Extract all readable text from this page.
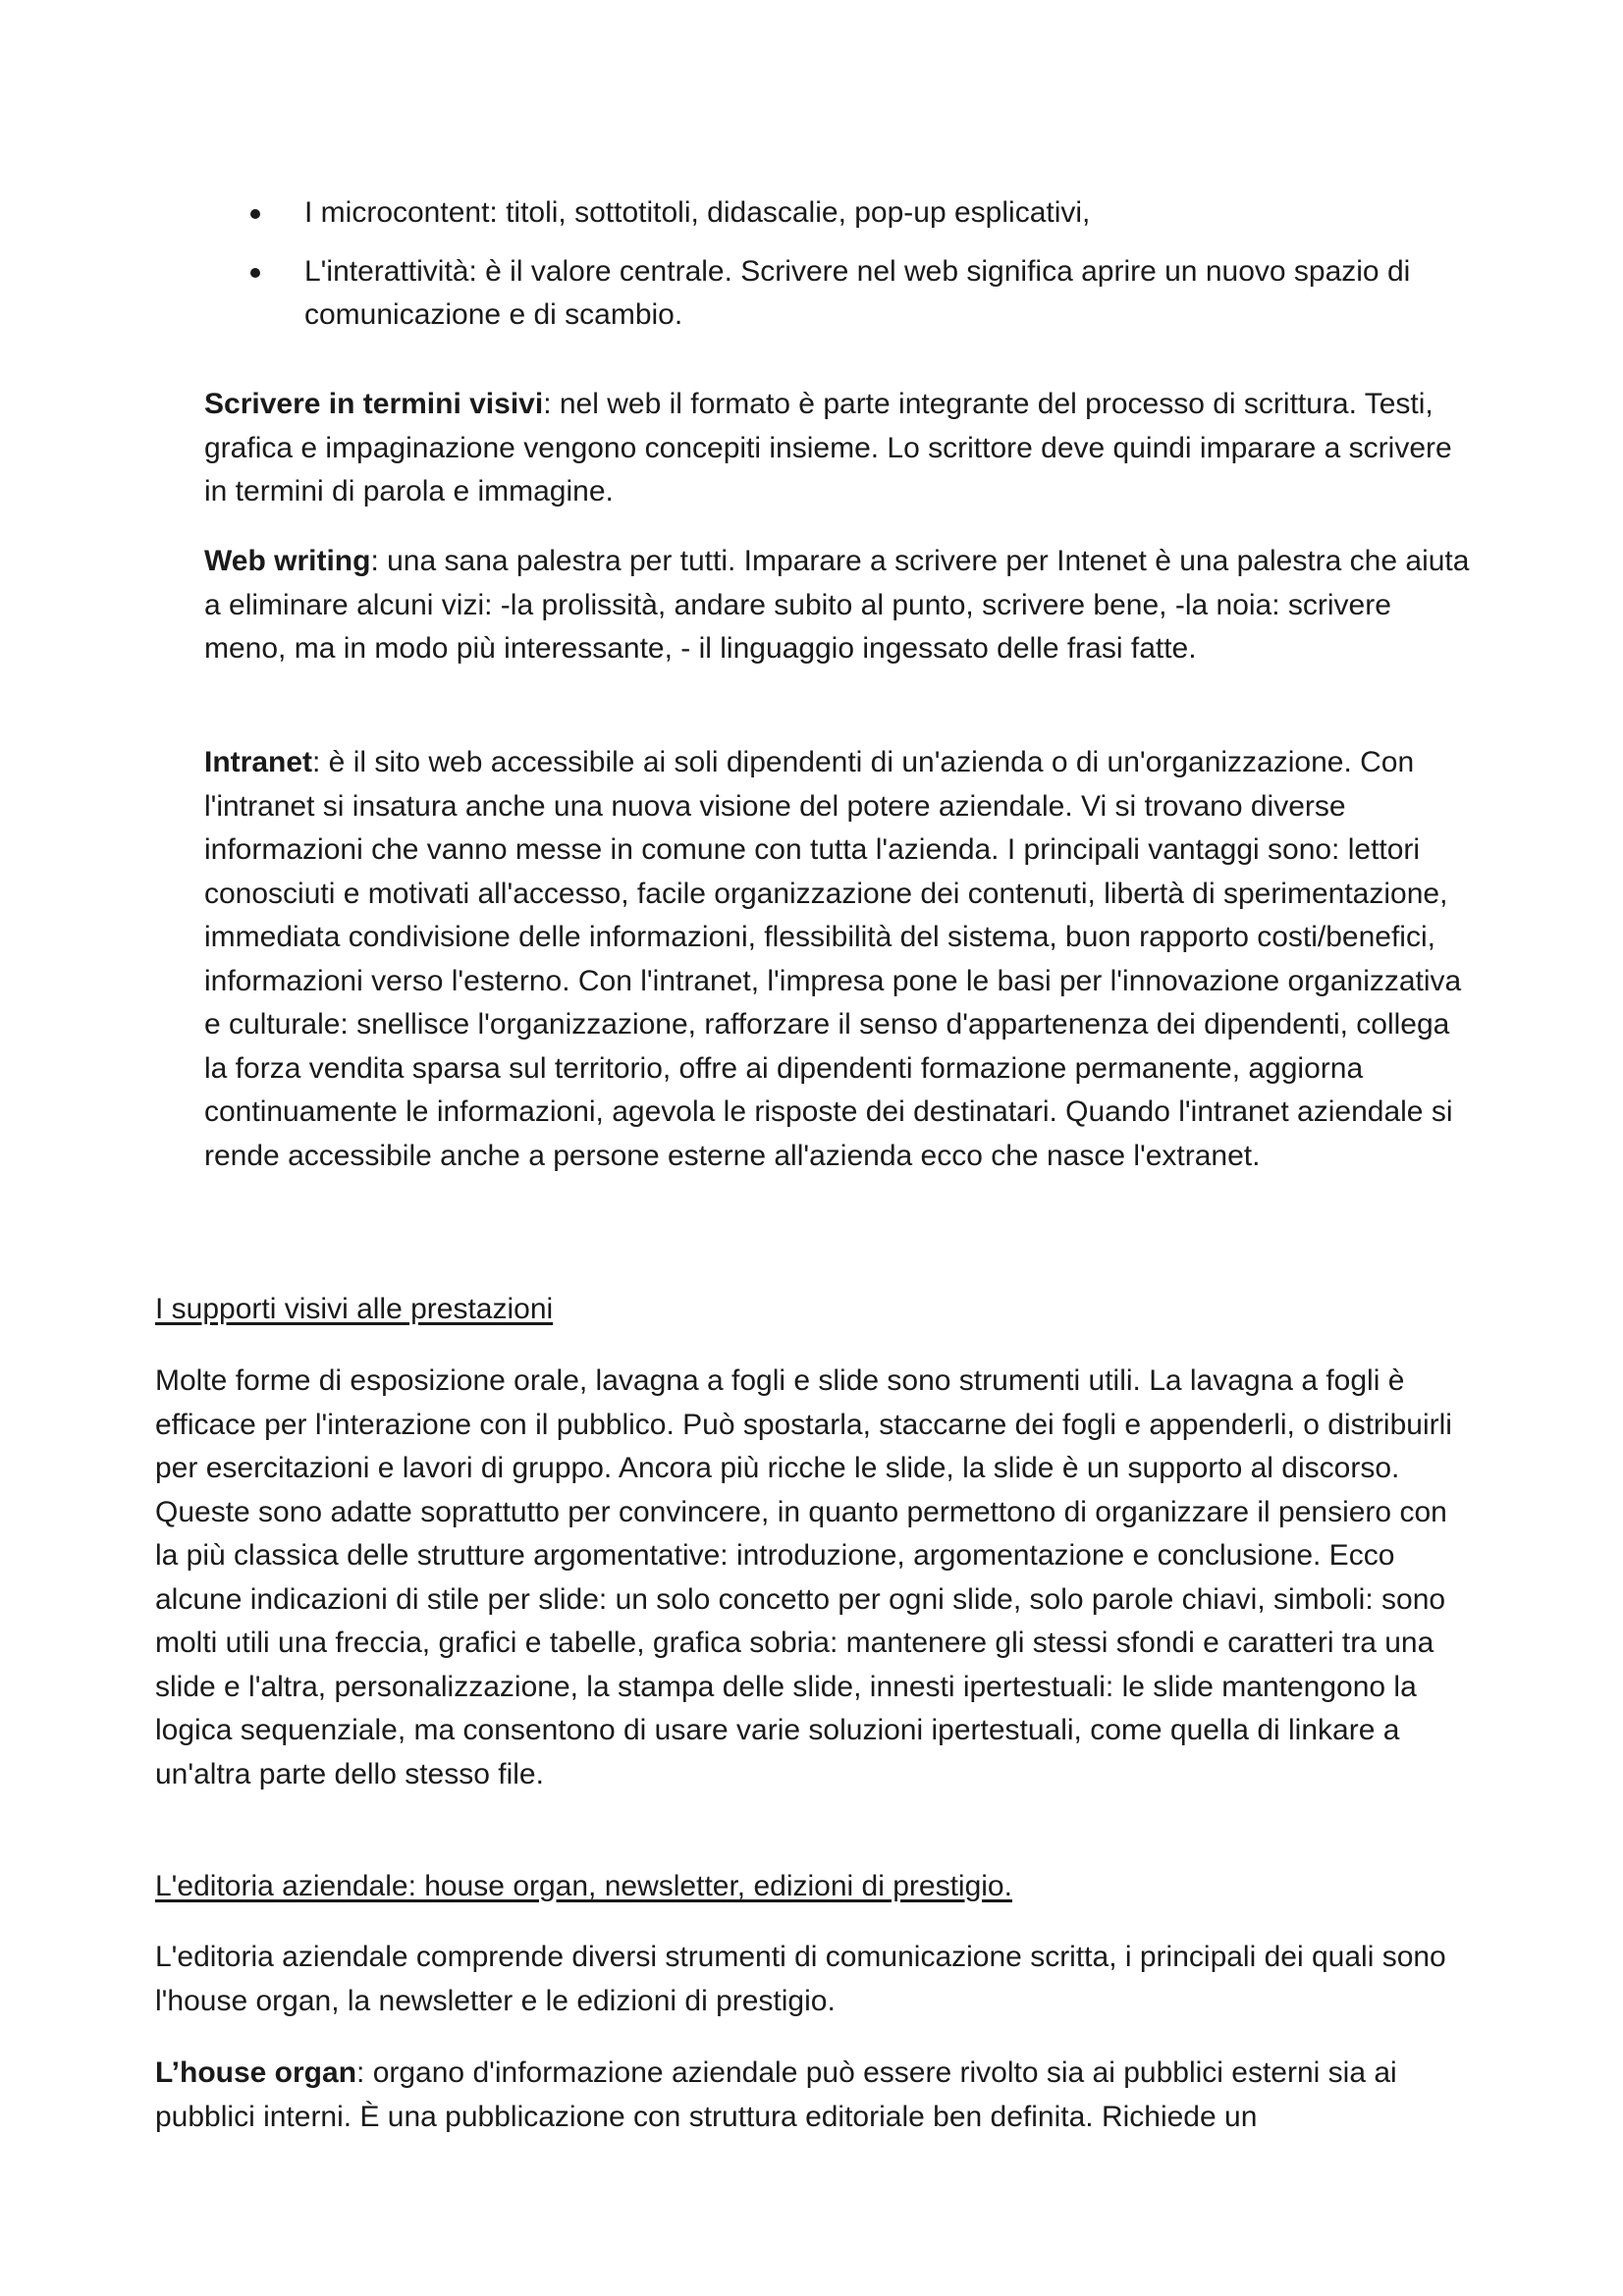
I microcontent: titoli, sottotitoli, didascalie, pop-up esplicativi,
L'interattività: è il valore centrale. Scrivere nel web significa aprire un nuovo spazio di comunicazione e di scambio.

Scrivere in termini visivi: nel web il formato è parte integrante del processo di scrittura. Testi, grafica e impaginazione vengono concepiti insieme. Lo scrittore deve quindi imparare a scrivere in termini di parola e immagine.

Web writing: una sana palestra per tutti. Imparare a scrivere per Intenet è una palestra che aiuta a eliminare alcuni vizi: -la prolissità, andare subito al punto, scrivere bene, -la noia: scrivere meno, ma in modo più interessante, - il linguaggio ingessato delle frasi fatte.

Intranet: è il sito web accessibile ai soli dipendenti di un'azienda o di un'organizzazione. Con l'intranet si insatura anche una nuova visione del potere aziendale. Vi si trovano diverse informazioni che vanno messe in comune con tutta l'azienda. I principali vantaggi sono: lettori conosciuti e motivati all'accesso, facile organizzazione dei contenuti, libertà di sperimentazione, immediata condivisione delle informazioni, flessibilità del sistema, buon rapporto costi/benefici, informazioni verso l'esterno. Con l'intranet, l'impresa pone le basi per l'innovazione organizzativa e culturale: snellisce l'organizzazione, rafforzare il senso d'appartenenza dei dipendenti, collega la forza vendita sparsa sul territorio, offre ai dipendenti formazione permanente, aggiorna continuamente le informazioni, agevola le risposte dei destinatari. Quando l'intranet aziendale si rende accessibile anche a persone esterne all'azienda ecco che nasce l'extranet.

I supporti visivi alle prestazioni

Molte forme di esposizione orale, lavagna a fogli e slide sono strumenti utili. La lavagna a fogli è efficace per l'interazione con il pubblico. Può spostarla, staccarne dei fogli e appenderli, o distribuirli per esercitazioni e lavori di gruppo. Ancora più ricche le slide, la slide è un supporto al discorso. Queste sono adatte soprattutto per convincere, in quanto permettono di organizzare il pensiero con la più classica delle strutture argomentative: introduzione, argomentazione e conclusione. Ecco alcune indicazioni di stile per slide: un solo concetto per ogni slide, solo parole chiavi, simboli: sono molti utili una freccia, grafici e tabelle, grafica sobria: mantenere gli stessi sfondi e caratteri tra una slide e l'altra, personalizzazione, la stampa delle slide, innesti ipertestuali: le slide mantengono la logica sequenziale, ma consentono di usare varie soluzioni ipertestuali, come quella di linkare a un'altra parte dello stesso file.

L'editoria aziendale: house organ, newsletter, edizioni di prestigio.

L'editoria aziendale comprende diversi strumenti di comunicazione scritta, i principali dei quali sono l'house organ, la newsletter e le edizioni di prestigio.

L’house organ: organo d'informazione aziendale può essere rivolto sia ai pubblici esterni sia ai pubblici interni. È una pubblicazione con struttura editoriale ben definita. Richiede un
